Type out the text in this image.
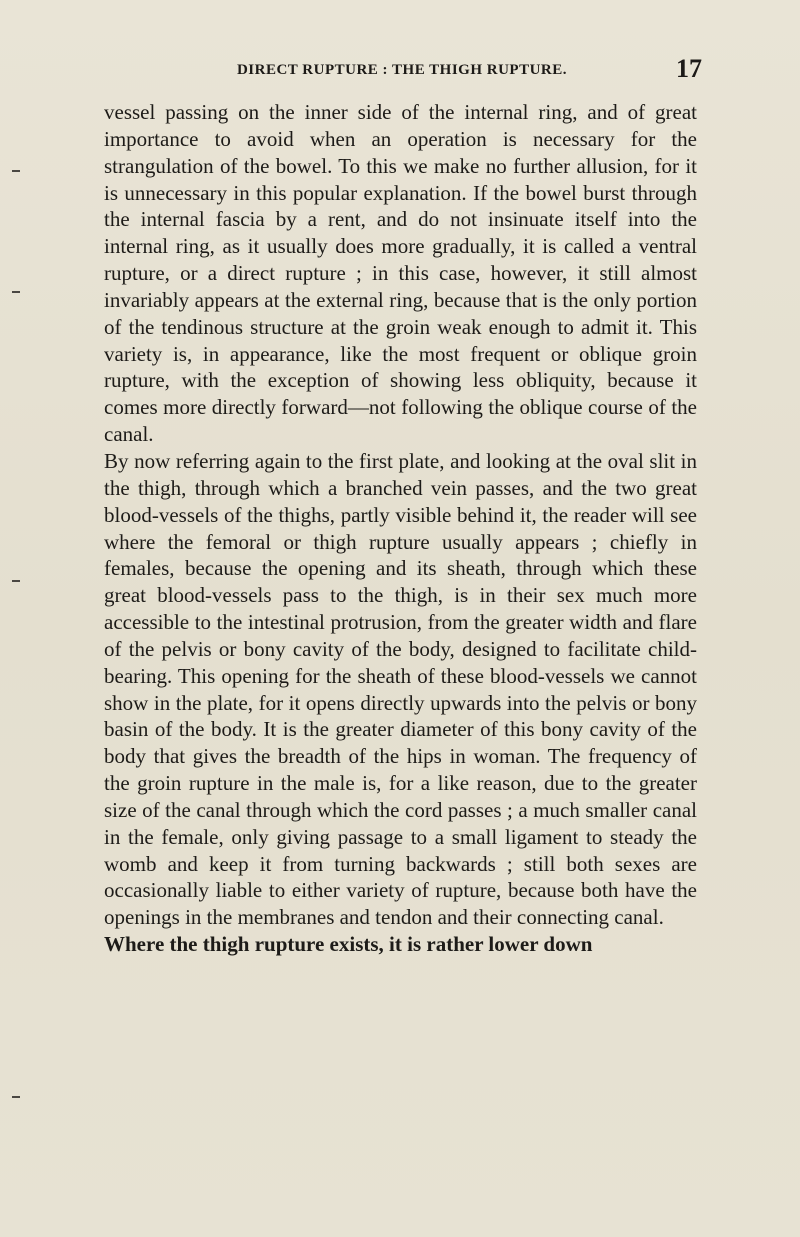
DIRECT RUPTURE : THE THIGH RUPTURE.	17

vessel passing on the inner side of the internal ring, and of great importance to avoid when an operation is necessary for the strangulation of the bowel. To this we make no further allusion, for it is unnecessary in this popular explanation. If the bowel burst through the internal fascia by a rent, and do not insinuate itself into the internal ring, as it usually does more gradually, it is called a ventral rupture, or a direct rupture ; in this case, however, it still almost invariably appears at the external ring, because that is the only portion of the tendinous structure at the groin weak enough to admit it. This variety is, in appearance, like the most frequent or oblique groin rupture, with the exception of showing less obliquity, because it comes more directly forward—not following the oblique course of the canal.

By now referring again to the first plate, and looking at the oval slit in the thigh, through which a branched vein passes, and the two great blood-vessels of the thighs, partly visible behind it, the reader will see where the femoral or thigh rupture usually appears ; chiefly in females, because the opening and its sheath, through which these great blood-vessels pass to the thigh, is in their sex much more accessible to the intestinal protrusion, from the greater width and flare of the pelvis or bony cavity of the body, designed to facilitate child-bearing. This opening for the sheath of these blood-vessels we cannot show in the plate, for it opens directly upwards into the pelvis or bony basin of the body. It is the greater diameter of this bony cavity of the body that gives the breadth of the hips in woman. The frequency of the groin rupture in the male is, for a like reason, due to the greater size of the canal through which the cord passes ; a much smaller canal in the female, only giving passage to a small ligament to steady the womb and keep it from turning backwards ; still both sexes are occasionally liable to either variety of rupture, because both have the openings in the membranes and tendon and their connecting canal.

Where the thigh rupture exists, it is rather lower down
